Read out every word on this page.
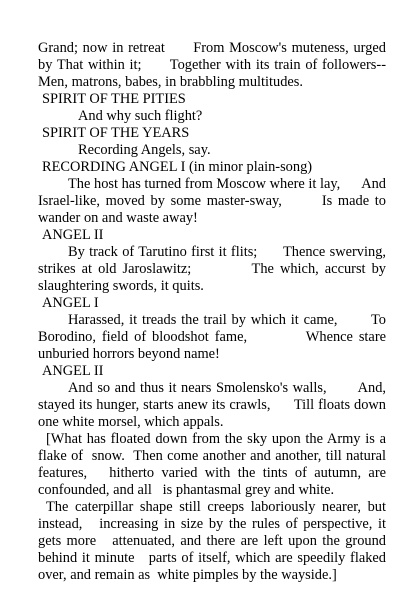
Grand; now in retreat      From Moscow's muteness, urged by That within it;      Together with its train of followers--Men, matrons, babes, in brabbling multitudes.

SPIRIT OF THE PITIES

And why such flight?

SPIRIT OF THE YEARS

Recording Angels, say.

RECORDING ANGEL I (in minor plain-song)

The host has turned from Moscow where it lay,      And Israel-like, moved by some master-sway,       Is made to wander on and waste away!

ANGEL II

By track of Tarutino first it flits;      Thence swerving, strikes at old Jaroslawitz;          The which, accurst by slaughtering swords, it quits.

ANGEL I

Harassed, it treads the trail by which it came,       To Borodino, field of bloodshot fame,          Whence stare unburied horrors beyond name!

ANGEL II

And so and thus it nears Smolensko's walls,       And, stayed its hunger, starts anew its crawls,      Till floats down one white morsel, which appals.

[What has floated down from the sky upon the Army is a flake of  snow.  Then come another and another, till natural features,   hitherto varied with the tints of autumn, are confounded, and all   is phantasmal grey and white.

The caterpillar shape still creeps laboriously nearer, but instead,   increasing in size by the rules of perspective, it gets more   attenuated, and there are left upon the ground behind it minute   parts of itself, which are speedily flaked over, and remain as  white pimples by the wayside.]
